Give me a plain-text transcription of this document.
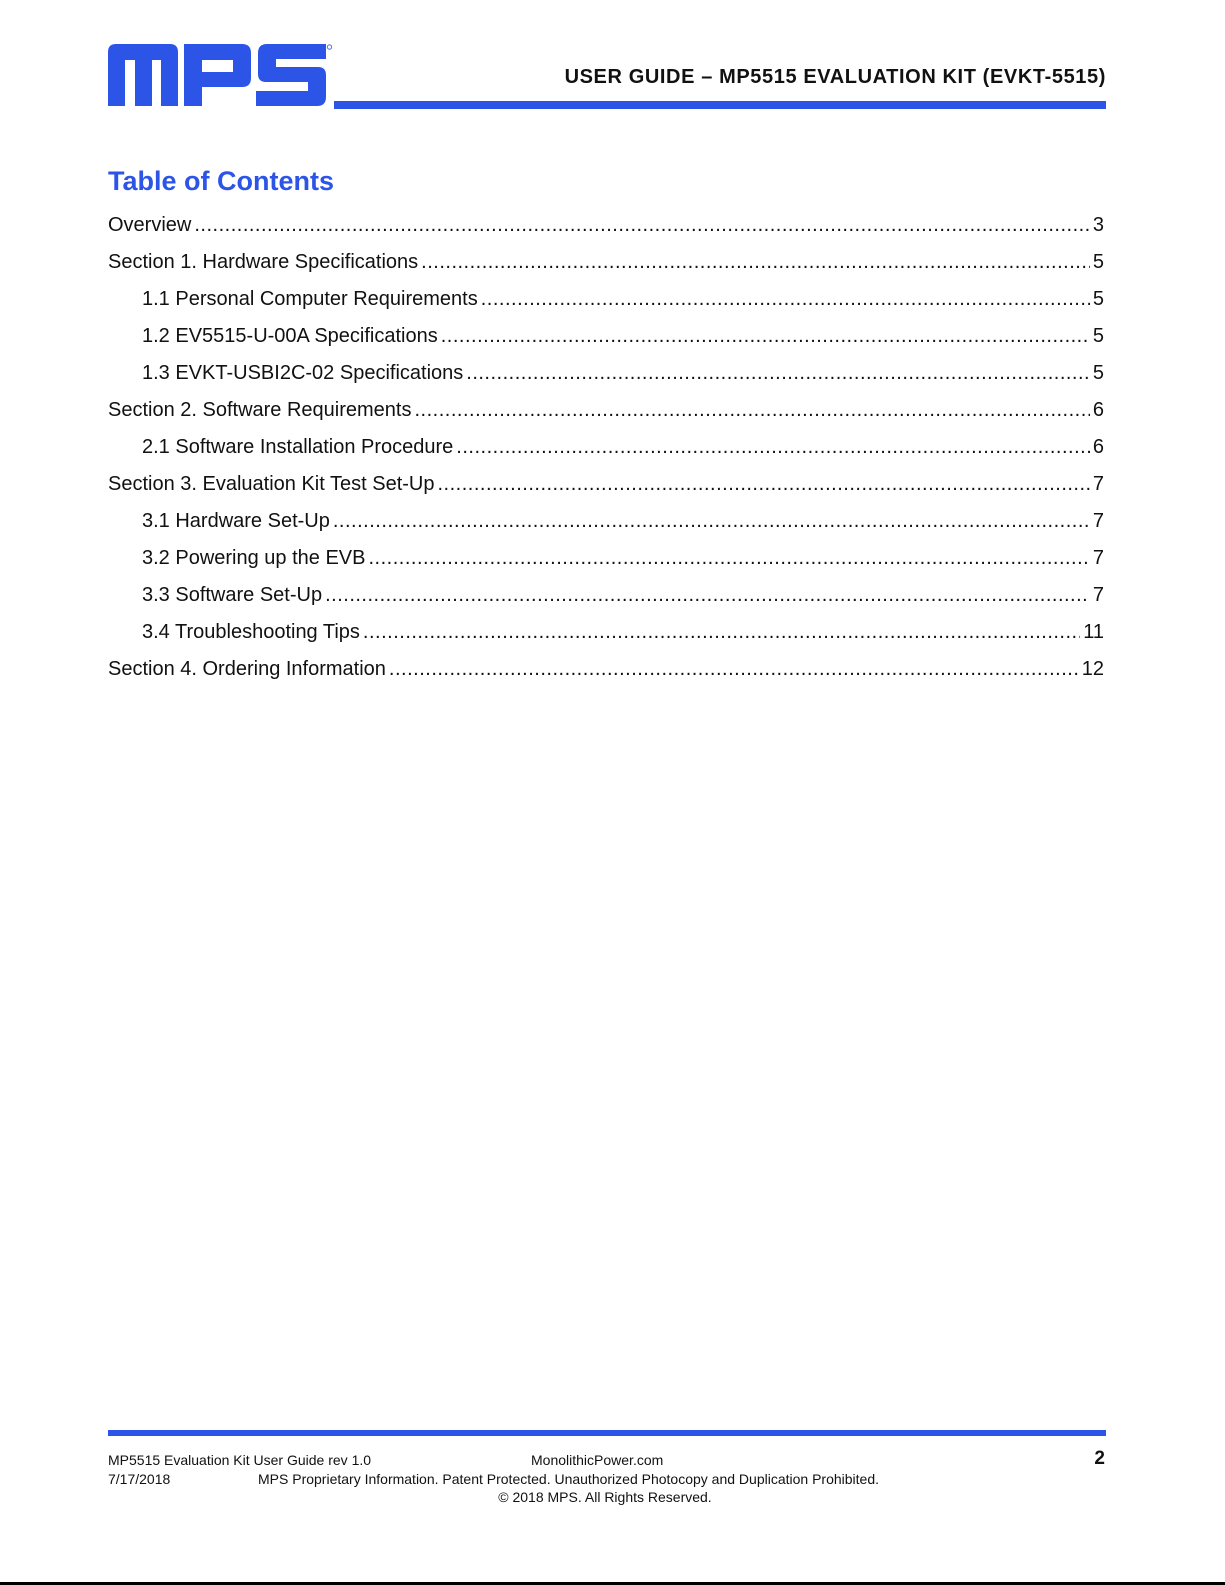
USER GUIDE – MP5515 EVALUATION KIT (EVKT-5515)
Table of Contents
Overview .....	3
Section 1. Hardware Specifications .....	5
1.1 Personal Computer Requirements .....	5
1.2 EV5515-U-00A Specifications .....	5
1.3 EVKT-USBI2C-02 Specifications .....	5
Section 2. Software Requirements .....	6
2.1 Software Installation Procedure .....	6
Section 3. Evaluation Kit Test Set-Up .....	7
3.1 Hardware Set-Up .....	7
3.2 Powering up the EVB .....	7
3.3 Software Set-Up .....	7
3.4 Troubleshooting Tips .....	11
Section 4. Ordering Information .....	12
MP5515 Evaluation Kit User Guide rev 1.0	MonolithicPower.com	2
7/17/2018	MPS Proprietary Information. Patent Protected. Unauthorized Photocopy and Duplication Prohibited.
© 2018 MPS. All Rights Reserved.
